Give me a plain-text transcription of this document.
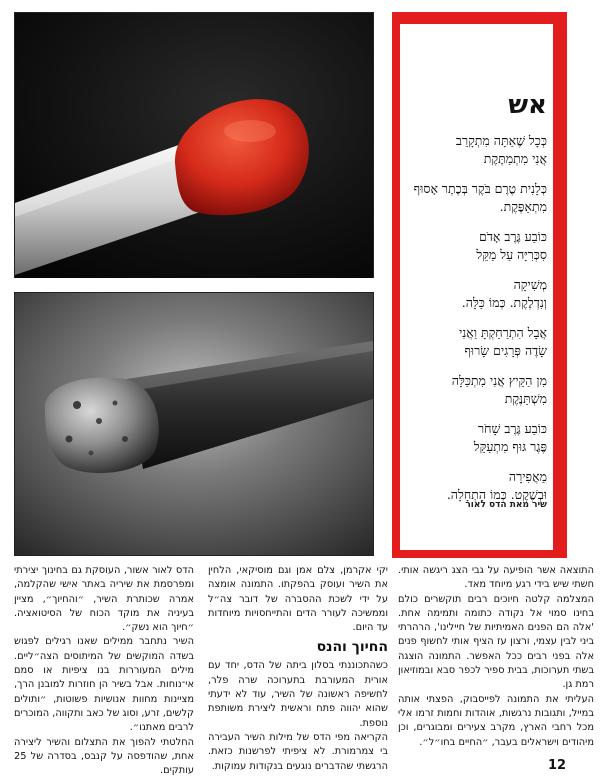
אש
כְּכָל שֶׁאַתָּה מִתְקָרֵב
אֲנִי מִתְמַתֶּקֶת
כְּלָנִית טֶרֶם בֹּקֶר בְּכֶתֶר אָסוּף
מִתְאַפֶּקֶת.
כּוֹבַע גֶּרֶב אָדֹם
סִכְּרִיָּה עַל מַקֵּל
מְשִׁיקָה
וְנִדְלֶקֶת. כְּמוֹ כַּלָּה.
אֲבָל הִתְרַחַקְתָּ וַאֲנִי
שָׂדֶה פְּרָגִים שָׂרוּף
מִן הַקֵּיץ אֲנִי מִתְכַּלָּה
מִשְׁתַּנֶּקֶת
כּוֹבַע גֶּרֶב שָׁחֹר
פֶּגֶר גּוּף מִתְעַקֵּל
מַאֲפִירָה
וּבְשֶׁקֶט. כְּמוֹ הַתְחָלָה.
שיר מאת הדס לאור

התוצאה אשר הופיעה על גבי הצג ריגשה אותי. חשתי שיש בידי רגע מיוחד מאד.

המצלמה קלטה חיוכים רבים תוקשרים כולם בחינו סמוי אל נקודה כתומה ותמימה אחת. 'אלה הם הפנים האמיתיות של חיילינו', הרהרתי ביני לבין עצמי, ורצון עז הציף אותי לחשוף פנים אלה בפני רבים ככל האפשר. התמונה הוצגה בשתי תערוכות, בבית ספיר לכפר סבא ובמוזיאון רמת גן.

העליתי את התמונה לפייסבוק, הפצתי אותה במייל, ותגובות נרגשות, אוהדות וחמות זרמו אלי מכל רחבי הארץ, מקרב צעירים ומבוגרים, וכן מיהודים וישראלים בעבר, ״החיים בחו״ל״.

יקי אקרמן, צלם אמן וגם מוסיקאי, הלחין את השיר ועוסק בהפקתו. התמונה אומצה על ידי לשכת ההסברה של דובר צה״ל וממשיכה לעורר הדים והתייחסויות מיוחדות עד היום.

החיוך והנס

כשהתכוננתי בסלון ביתה של הדס, יחד עם אורית המעורבת בתערוכה שרה פלר, לחשיפה ראשונה של השיר, עוד לא ידעתי שהוא יהווה פתח וראשית ליצירת משותפת נוספת.

הקריאה מפי הדס של מילות השיר העבירה בי צמרמורת. לא ציפיתי לפרשנות כזאת. הרגשתי שהדברים נוגעים בנקודות עמוקות.

הדס לאור אשור, העוסקת גם בחינוך יצירתי ומפרסמת את שיריה באתר אישי שהקלמה, אמרה שכותרת השיר, ״והחיוך״, מציין בעיניה את מוקד הכוח של הסיטואציה. ״חיוך הוא נשק״.

השיר נתחבר ממילים שאנו רגילים לפגוש בשדה המוקשים של המיתוסים הצה״ליים. מילים המעוררות בנו ציפיות או סמם אי־נוחות. אבל בשיר הן חוזרות למובנן הרך, מציינות מחוות אנושיות פשוטות, ״ותולים קלשים, זרע, וסוג של כאב ותקווה, המוכרים לרבים מאתנו״.

החלטתי להפוך את התצלום והשיר ליצירה אחת, שהודפסה על קנבס, בסדרה של 25 עותקים.	12
